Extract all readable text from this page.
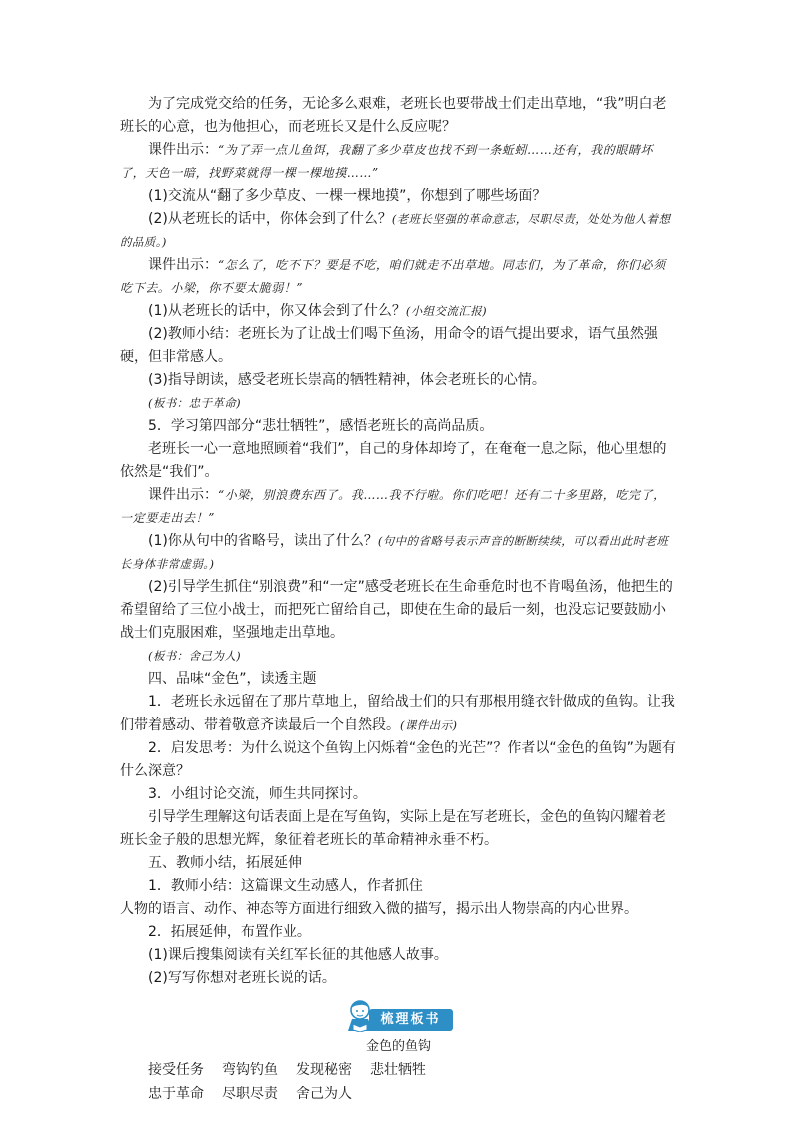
为了完成党交给的任务，无论多么艰难，老班长也要带战士们走出草地，“我”明白老班长的心意，也为他担心，而老班长又是什么反应呢？

课件出示：“为了弄一点儿鱼饵，我翻了多少草皮也找不到一条蚯蚓……还有，我的眼睛坏了，天色一暗，找野菜就得一棵一棵地摸……”

(1)交流从“翻了多少草皮、一棵一棵地摸”，你想到了哪些场面？

(2)从老班长的话中，你体会到了什么？(老班长坚强的革命意志，尽职尽责，处处为他人着想的品质。)

课件出示：“怎么了，吃不下？要是不吃，咱们就走不出草地。同志们，为了革命，你们必须吃下去。小梁，你不要太脆弱！”

(1)从老班长的话中，你又体会到了什么？(小组交流汇报)

(2)教师小结：老班长为了让战士们喝下鱼汤，用命令的语气提出要求，语气虽然强硬，但非常感人。

(3)指导朗读，感受老班长崇高的牺牲精神，体会老班长的心情。

(板书：忠于革命)

5．学习第四部分“悲壮牺牲”，感悟老班长的高尚品质。

老班长一心一意地照顾着“我们”，自己的身体却垮了，在奄奄一息之际，他心里想的依然是“我们”。

课件出示：“小梁，别浪费东西了。我……我不行啦。你们吃吧！还有二十多里路，吃完了，一定要走出去！”

(1)你从句中的省略号，读出了什么？(句中的省略号表示声音的断断续续，可以看出此时老班长身体非常虚弱。)

(2)引导学生抓住“别浪费”和“一定”感受老班长在生命垂危时也不肯喝鱼汤，他把生的希望留给了三位小战士，而把死亡留给自己，即使在生命的最后一刻，也没忘记要鼓励小战士们克服困难，坚强地走出草地。

(板书：舍己为人)

四、品味“金色”，读透主题

1．老班长永远留在了那片草地上，留给战士们的只有那根用缝衣针做成的鱼钩。让我们带着感动、带着敬意齐读最后一个自然段。(课件出示)

2．启发思考：为什么说这个鱼钩上闪烁着“金色的光芒”？作者以“金色的鱼钩”为题有什么深意？

3．小组讨论交流，师生共同探讨。

引导学生理解这句话表面上是在写鱼钩，实际上是在写老班长，金色的鱼钩闪耀着老班长金子般的思想光辉，象征着老班长的革命精神永垂不朽。

五、教师小结，拓展延伸

1．教师小结：这篇课文生动感人，作者抓住

人物的语言、动作、神态等方面进行细致入微的描写，揭示出人物崇高的内心世界。

2．拓展延伸，布置作业。

(1)课后搜集阅读有关红军长征的其他感人故事。

(2)写写你想对老班长说的话。

梳理板书

金色的鱼钩

接受任务 弯钩钓鱼 发现秘密 悲壮牺牲
忠于革命 尽职尽责 舍己为人
